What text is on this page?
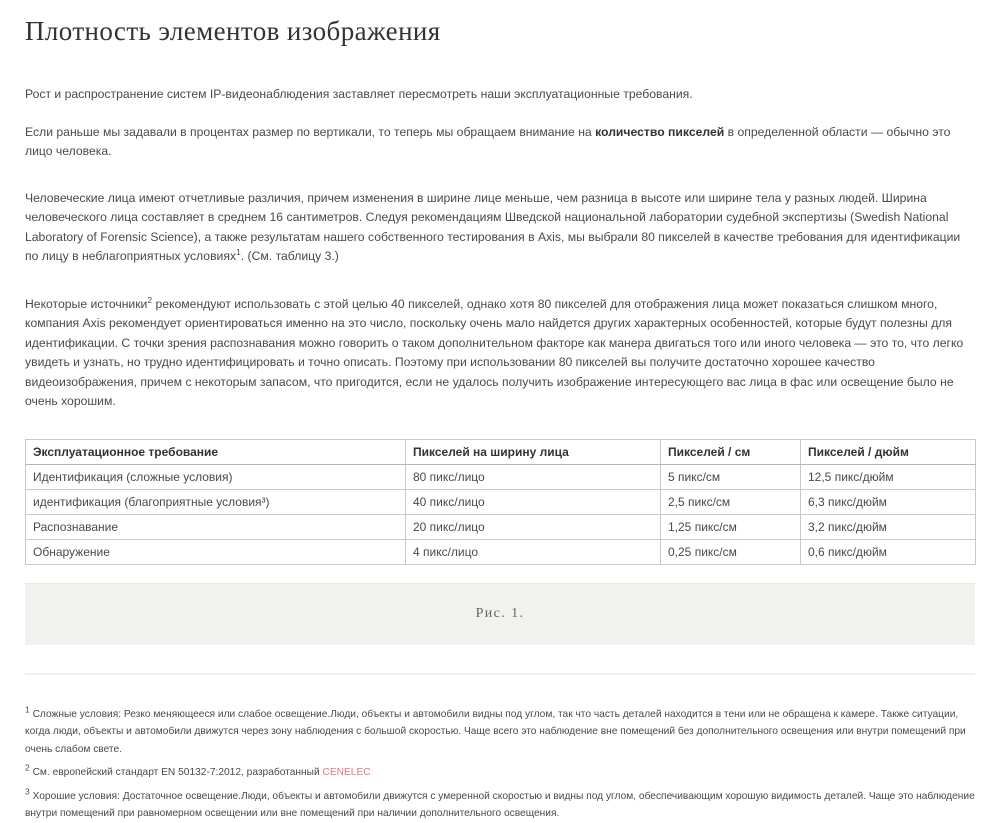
Плотность элементов изображения

Рост и распространение систем IP-видеонаблюдения заставляет пересмотреть наши эксплуатационные требования.

Если раньше мы задавали в процентах размер по вертикали, то теперь мы обращаем внимание на количество пикселей в определенной области — обычно это лицо человека.

Человеческие лица имеют отчетливые различия, причем изменения в ширине лице меньше, чем разница в высоте или ширине тела у разных людей. Ширина человеческого лица составляет в среднем 16 сантиметров. Следуя рекомендациям Шведской национальной лаборатории судебной экспертизы (Swedish National Laboratory of Forensic Science), а также результатам нашего собственного тестирования в Axis, мы выбрали 80 пикселей в качестве требования для идентификации по лицу в неблагоприятных условиях$^1$. (См. таблицу 3.)

Некоторые источники$^2$ рекомендуют использовать с этой целью 40 пикселей, однако хотя 80 пикселей для отображения лица может показаться слишком много, компания Axis рекомендует ориентироваться именно на это число, поскольку очень мало найдется других характерных особенностей, которые будут полезны для идентификации. С точки зрения распознавания можно говорить о таком дополнительном факторе как манера двигаться того или иного человека — это то, что легко увидеть и узнать, но трудно идентифицировать и точно описать. Поэтому при использовании 80 пикселей вы получите достаточно хорошее качество видеоизображения, причем с некоторым запасом, что пригодится, если не удалось получить изображение интересующего вас лица в фас или освещение было не очень хорошим.

Эксплуатационное требование	Пикселей на ширину лица	Пикселей / см	Пикселей / дюйм
Идентификация (сложные условия)	80 пикс/лицо	5 пикс/см	12,5 пикс/дюйм
идентификация (благоприятные условия³)	40 пикс/лицо	2,5 пикс/см	6,3 пикс/дюйм
Распознавание	20 пикс/лицо	1,25 пикс/см	3,2 пикс/дюйм
Обнаружение	4 пикс/лицо	0,25 пикс/см	0,6 пикс/дюйм
Рис. 1.

$^1$ Сложные условия: Резко меняющееся или слабое освещение.Люди, объекты и автомобили видны под углом, так что часть деталей находится в тени или не обращена к камере. Также ситуации, когда люди, объекты и автомобили движутся через зону наблюдения с большой скоростью. Чаще всего это наблюдение вне помещений без дополнительного освещения или внутри помещений при очень слабом свете.

$^2$ См. европейский стандарт EN 50132-7:2012, разработанный CENELEC

$^3$ Хорошие условия: Достаточное освещение.Люди, объекты и автомобили движутся с умеренной скоростью и видны под углом, обеспечивающим хорошую видимость деталей. Чаще это наблюдение внутри помещений при равномерном освещении или вне помещений при наличии дополнительного освещения.
